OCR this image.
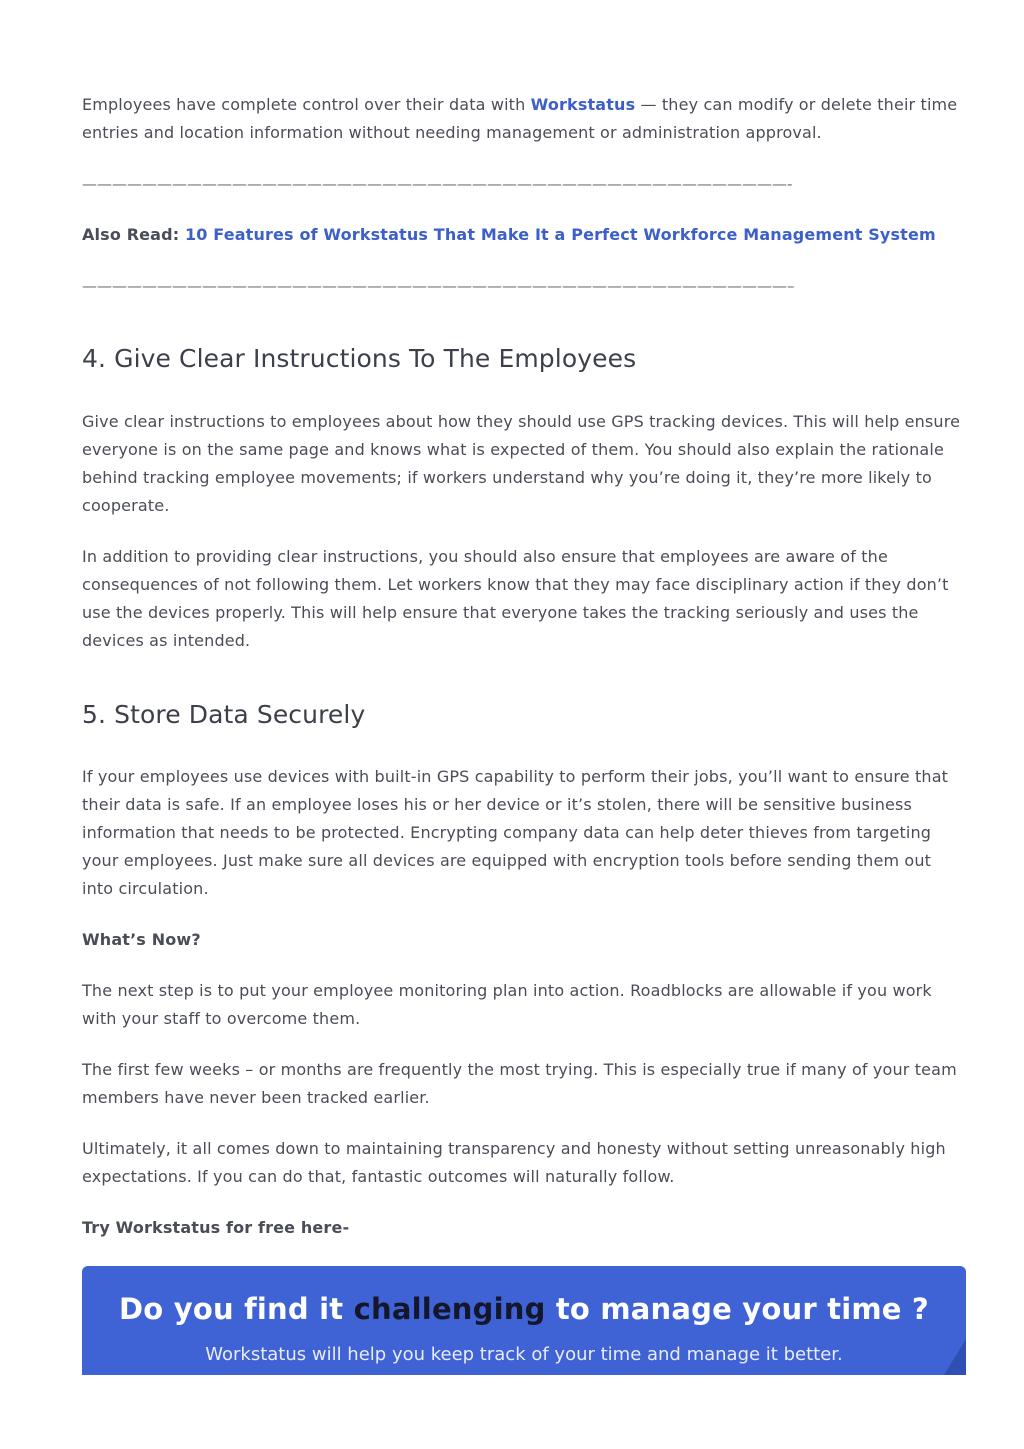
Employees have complete control over their data with Workstatus — they can modify or delete their time entries and location information without needing management or administration approval.

———————————————————————————————————————————————-

Also Read: 10 Features of Workstatus That Make It a Perfect Workforce Management System

———————————————————————————————————————————————–

4. Give Clear Instructions To The Employees

Give clear instructions to employees about how they should use GPS tracking devices. This will help ensure everyone is on the same page and knows what is expected of them. You should also explain the rationale behind tracking employee movements; if workers understand why you’re doing it, they’re more likely to cooperate.

In addition to providing clear instructions, you should also ensure that employees are aware of the consequences of not following them. Let workers know that they may face disciplinary action if they don’t use the devices properly. This will help ensure that everyone takes the tracking seriously and uses the devices as intended.

5. Store Data Securely

If your employees use devices with built-in GPS capability to perform their jobs, you’ll want to ensure that their data is safe. If an employee loses his or her device or it’s stolen, there will be sensitive business information that needs to be protected. Encrypting company data can help deter thieves from targeting your employees. Just make sure all devices are equipped with encryption tools before sending them out into circulation.

What’s Now?

The next step is to put your employee monitoring plan into action. Roadblocks are allowable if you work with your staff to overcome them.

The first few weeks – or months are frequently the most trying. This is especially true if many of your team members have never been tracked earlier.

Ultimately, it all comes down to maintaining transparency and honesty without setting unreasonably high expectations. If you can do that, fantastic outcomes will naturally follow.

Try Workstatus for free here-

Do you find it challenging to manage your time ?

Workstatus will help you keep track of your time and manage it better.
